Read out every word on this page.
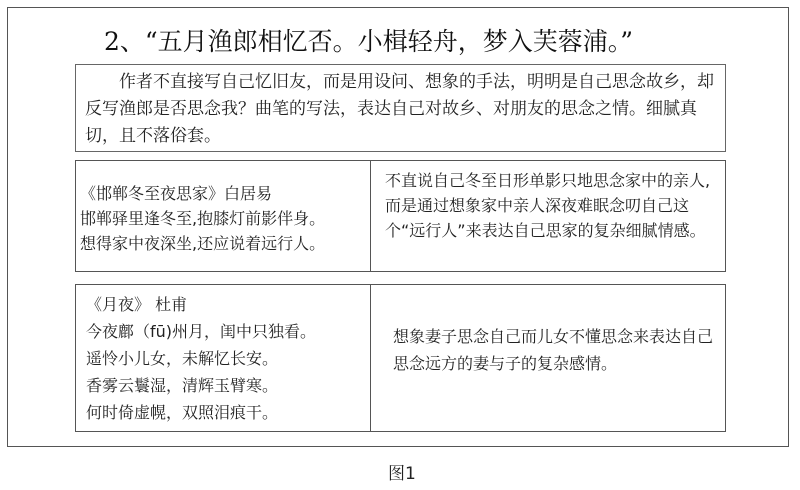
2、“五月渔郎相忆否。小楫轻舟，梦入芙蓉浦。”
作者不直接写自己忆旧友，而是用设问、想象的手法，明明是自己思念故乡，却反写渔郎是否思念我？曲笔的写法，表达自己对故乡、对朋友的思念之情。细腻真切，且不落俗套。
《邯郸冬至夜思家》白居易
邯郸驿里逢冬至,抱膝灯前影伴身。
想得家中夜深坐,还应说着远行人。
不直说自己冬至日形单影只地思念家中的亲人,而是通过想象家中亲人深夜难眠念叨自己这个“远行人”来表达自己思家的复杂细腻情感。
《月夜》 杜甫
今夜鄜（fū)州月，闺中只独看。
遥怜小儿女，未解忆长安。
香雾云鬟湿，清辉玉臂寒。
何时倚虚幌，双照泪痕干。
想象妻子思念自己而儿女不懂思念来表达自己思念远方的妻与子的复杂感情。
图1
